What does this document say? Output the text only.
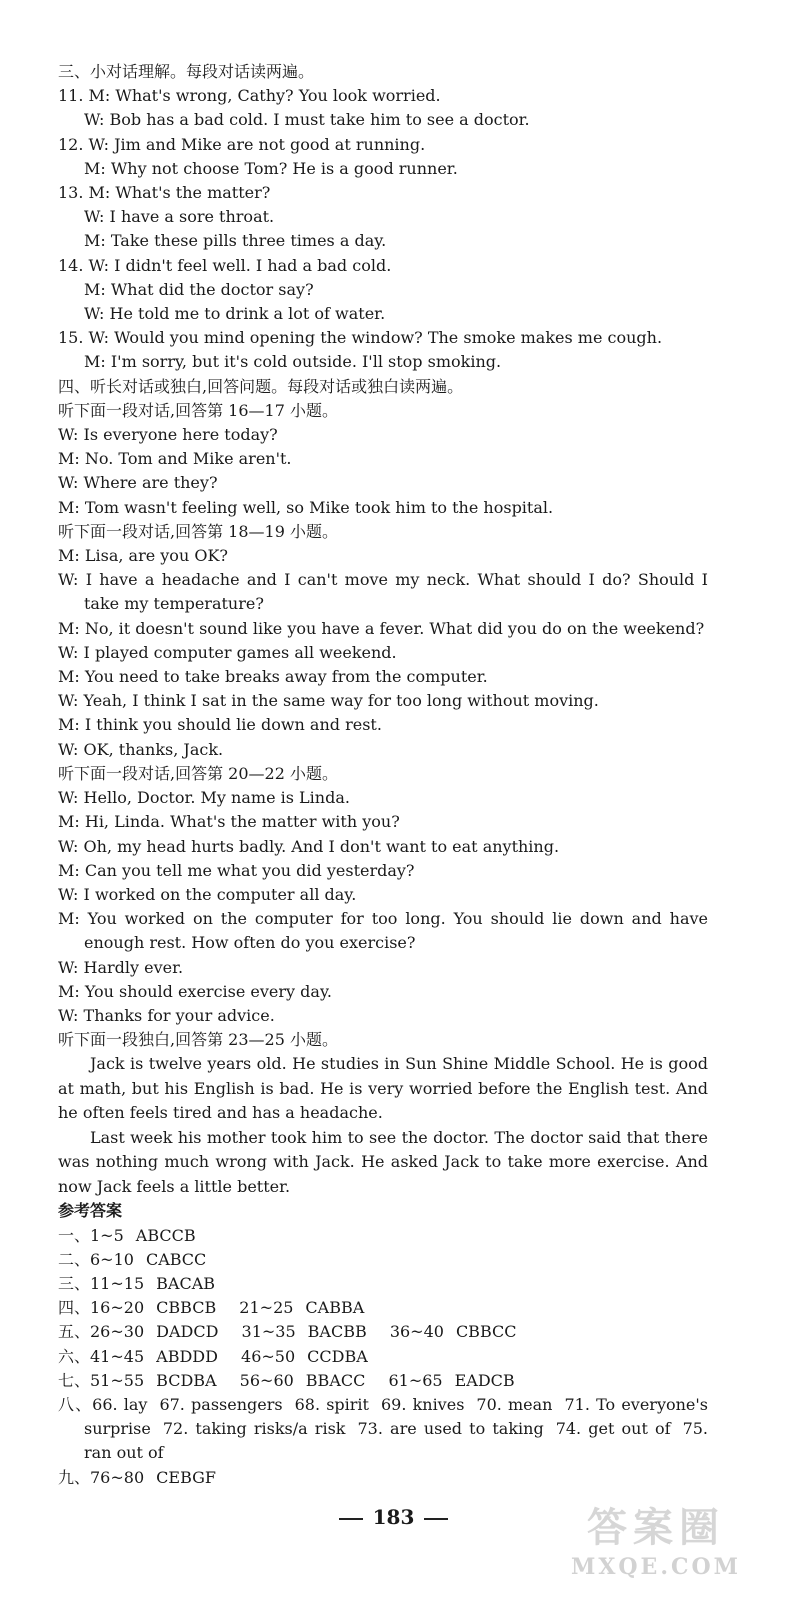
三、小对话理解。每段对话读两遍。
11. M: What's wrong, Cathy? You look worried.
W: Bob has a bad cold. I must take him to see a doctor.
12. W: Jim and Mike are not good at running.
M: Why not choose Tom? He is a good runner.
13. M: What's the matter?
W: I have a sore throat.
M: Take these pills three times a day.
14. W: I didn't feel well. I had a bad cold.
M: What did the doctor say?
W: He told me to drink a lot of water.
15. W: Would you mind opening the window? The smoke makes me cough.
M: I'm sorry, but it's cold outside. I'll stop smoking.
四、听长对话或独白,回答问题。每段对话或独白读两遍。
听下面一段对话,回答第 16—17 小题。
W: Is everyone here today?
M: No. Tom and Mike aren't.
W: Where are they?
M: Tom wasn't feeling well, so Mike took him to the hospital.
听下面一段对话,回答第 18—19 小题。
M: Lisa, are you OK?
W: I have a headache and I can't move my neck. What should I do? Should I take my temperature?
M: No, it doesn't sound like you have a fever. What did you do on the weekend?
W: I played computer games all weekend.
M: You need to take breaks away from the computer.
W: Yeah, I think I sat in the same way for too long without moving.
M: I think you should lie down and rest.
W: OK, thanks, Jack.
听下面一段对话,回答第 20—22 小题。
W: Hello, Doctor. My name is Linda.
M: Hi, Linda. What's the matter with you?
W: Oh, my head hurts badly. And I don't want to eat anything.
M: Can you tell me what you did yesterday?
W: I worked on the computer all day.
M: You worked on the computer for too long. You should lie down and have enough rest. How often do you exercise?
W: Hardly ever.
M: You should exercise every day.
W: Thanks for your advice.
听下面一段独白,回答第 23—25 小题。
Jack is twelve years old. He studies in Sun Shine Middle School. He is good at math, but his English is bad. He is very worried before the English test. And he often feels tired and has a headache.
Last week his mother took him to see the doctor. The doctor said that there was nothing much wrong with Jack. He asked Jack to take more exercise. And now Jack feels a little better.
参考答案
一、1~5 ABCCB
二、6~10 CABCC
三、11~15 BACAB
四、16~20 CBBCB 21~25 CABBA
五、26~30 DADCD 31~35 BACBB 36~40 CBBCC
六、41~45 ABDDD 46~50 CCDBA
七、51~55 BCDBA 56~60 BBACC 61~65 EADCB
八、66. lay 67. passengers 68. spirit 69. knives 70. mean 71. To everyone's surprise 72. taking risks/a risk 73. are used to taking 74. get out of 75. ran out of
九、76~80 CEBGF
183	答案圈
MXQE.COM
